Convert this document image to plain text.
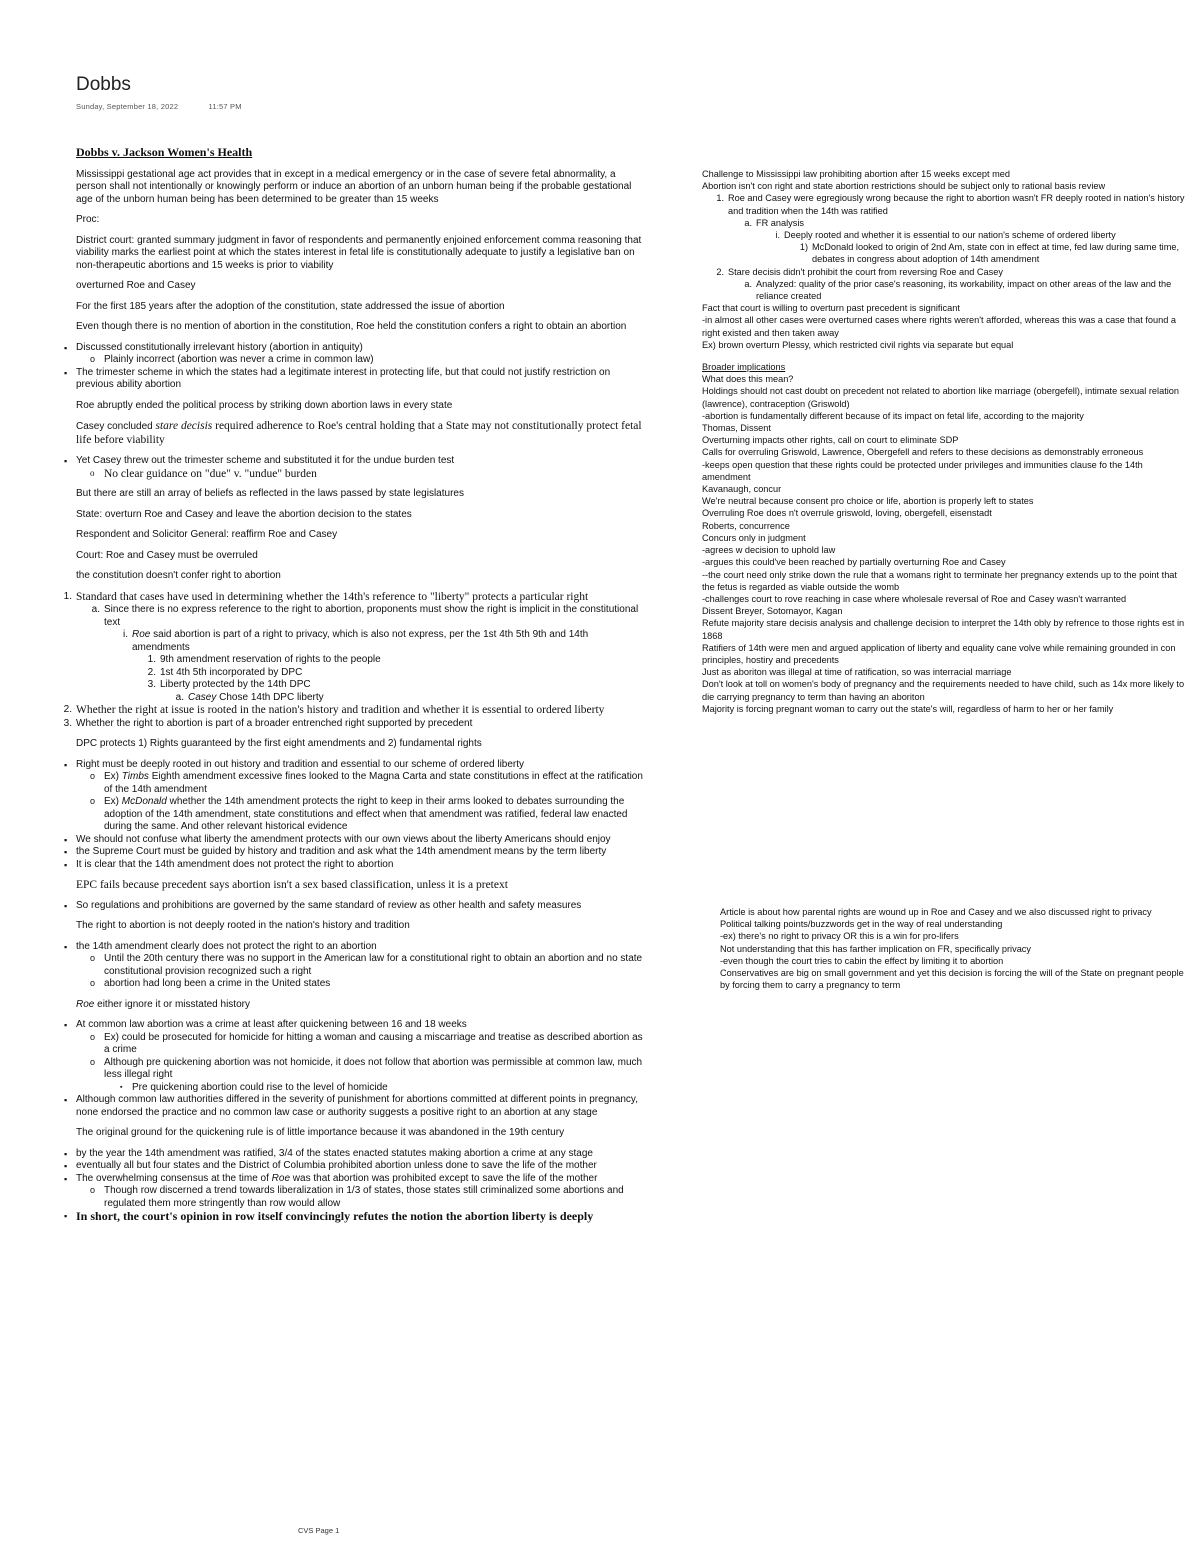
Dobbs
Sunday, September 18, 2022	11:57 PM
Dobbs v. Jackson Women's Health

Mississippi gestational age act provides that in except in a medical emergency or in the case of severe fetal abnormality, a person shall not intentionally or knowingly perform or induce an abortion of an unborn human being if the probable gestational age of the unborn human being has been determined to be greater than 15 weeks

Proc:

District court: granted summary judgment in favor of respondents and permanently enjoined enforcement comma reasoning that viability marks the earliest point at which the states interest in fetal life is constitutionally adequate to justify a legislative ban on non-therapeutic abortions and 15 weeks is prior to viability

overturned Roe and Casey

For the first 185 years after the adoption of the constitution, state addressed the issue of abortion

Even though there is no mention of abortion in the constitution, Roe held the constitution confers a right to obtain an abortion

▪ Discussed constitutionally irrelevant history (abortion in antiquity)
o Plainly incorrect (abortion was never a crime in common law)
▪ The trimester scheme in which the states had a legitimate interest in protecting life, but that could not justify restriction on previous ability abortion

Roe abruptly ended the political process by striking down abortion laws in every state

Casey concluded stare decisis required adherence to Roe's central holding that a State may not constitutionally protect fetal life before viability

▪ Yet Casey threw out the trimester scheme and substituted it for the undue burden test
o No clear guidance on "due" v. "undue" burden

But there are still an array of beliefs as reflected in the laws passed by state legislatures

State: overturn Roe and Casey and leave the abortion decision to the states

Respondent and Solicitor General: reaffirm Roe and Casey

Court: Roe and Casey must be overruled

the constitution doesn't confer right to abortion

1. Standard that cases have used in determining whether the 14th's reference to "liberty" protects a particular right
a. Since there is no express reference to the right to abortion, proponents must show the right is implicit in the constitutional text
i. Roe said abortion is part of a right to privacy, which is also not express, per the 1st 4th 5th 9th and 14th amendments
1. 9th amendment reservation of rights to the people
2. 1st 4th 5th incorporated by DPC
3. Liberty protected by the 14th DPC
a. Casey Chose 14th DPC liberty
2. Whether the right at issue is rooted in the nation's history and tradition and whether it is essential to ordered liberty
3. Whether the right to abortion is part of a broader entrenched right supported by precedent

DPC protects 1) Rights guaranteed by the first eight amendments and 2) fundamental rights

▪ Right must be deeply rooted in out history and tradition and essential to our scheme of ordered liberty
o Ex) Timbs Eighth amendment excessive fines looked to the Magna Carta and state constitutions in effect at the ratification of the 14th amendment
o Ex) McDonald whether the 14th amendment protects the right to keep in their arms looked to debates surrounding the adoption of the 14th amendment, state constitutions and effect when that amendment was ratified, federal law enacted during the same. And other relevant historical evidence
▪ We should not confuse what liberty the amendment protects with our own views about the liberty Americans should enjoy
▪ the Supreme Court must be guided by history and tradition and ask what the 14th amendment means by the term liberty
▪ It is clear that the 14th amendment does not protect the right to abortion

EPC fails because precedent says abortion isn't a sex based classification, unless it is a pretext

▪ So regulations and prohibitions are governed by the same standard of review as other health and safety measures

The right to abortion is not deeply rooted in the nation's history and tradition

▪ the 14th amendment clearly does not protect the right to an abortion
o Until the 20th century there was no support in the American law for a constitutional right to obtain an abortion and no state constitutional provision recognized such a right
o abortion had long been a crime in the United states

Roe either ignore it or misstated history

▪ At common law abortion was a crime at least after quickening between 16 and 18 weeks
o Ex) could be prosecuted for homicide for hitting a woman and causing a miscarriage and treatise as described abortion as a crime
o Although pre quickening abortion was not homicide, it does not follow that abortion was permissible at common law, much less illegal right
▪ Pre quickening abortion could rise to the level of homicide
▪ Although common law authorities differed in the severity of punishment for abortions committed at different points in pregnancy, none endorsed the practice and no common law case or authority suggests a positive right to an abortion at any stage

The original ground for the quickening rule is of little importance because it was abandoned in the 19th century

▪ by the year the 14th amendment was ratified, 3/4 of the states enacted statutes making abortion a crime at any stage
▪ eventually all but four states and the District of Columbia prohibited abortion unless done to save the life of the mother
▪ The overwhelming consensus at the time of Roe was that abortion was prohibited except to save the life of the mother
o Though row discerned a trend towards liberalization in 1/3 of states, those states still criminalized some abortions and regulated them more stringently than row would allow
▪ In short, the court's opinion in row itself convincingly refutes the notion the abortion liberty is deeply
Challenge to Mississippi law prohibiting abortion after 15 weeks except med
Abortion isn't con right and state abortion restrictions should be subject only to rational basis review
1. Roe and Casey were egregiously wrong because the right to abortion wasn't FR deeply rooted in nation's history and tradition when the 14th was ratified
a. FR analysis
i. Deeply rooted and whether it is essential to our nation's scheme of ordered liberty
1) McDonald looked to origin of 2nd Am, state con in effect at time, fed law during same time, debates in congress about adoption of 14th amendment
2. Stare decisis didn't prohibit the court from reversing Roe and Casey
a. Analyzed: quality of the prior case's reasoning, its workability, impact on other areas of the law and the reliance created
Fact that court is willing to overturn past precedent is significant
-in almost all other cases were overturned cases where rights weren't afforded, whereas this was a case that found a right existed and then taken away
Ex) brown overturn Plessy, which restricted civil rights via separate but equal
Broader implications
What does this mean?
Holdings should not cast doubt on precedent not related to abortion like marriage (obergefell), intimate sexual relation (lawrence), contraception (Griswold)
-abortion is fundamentally different because of its impact on fetal life, according to the majority
Thomas, Dissent
Overturning impacts other rights, call on court to eliminate SDP
Calls for overruling Griswold, Lawrence, Obergefell and refers to these decisions as demonstrably erroneous
-keeps open question that these rights could be protected under privileges and immunities clause fo the 14th amendment
Kavanaugh, concur
We're neutral because consent pro choice or life, abortion is properly left to states
Overruling Roe does n't overrule griswold, loving, obergefell, eisenstadt
Roberts, concurrence
Concurs only in judgment
-agrees w decision to uphold law
-argues this could've been reached by partially overturning Roe and Casey
--the court need only strike down the rule that a womans right to terminate her pregnancy extends up to the point that the fetus is regarded as viable outside the womb
-challenges court to rove reaching in case where wholesale reversal of Roe and Casey wasn't warranted
Dissent Breyer, Sotomayor, Kagan
Refute majority stare decisis analysis and challenge decision to interpret the 14th obly by refrence to those rights est in 1868
Ratifiers of 14th were men and argued application of liberty and equality cane volve while remaining grounded in con principles, hostiry and precedents
Just as aboriton was illegal at time of ratification, so was interracial marriage
Don't look at toll on women's body of pregnancy and the requirements needed to have child, such as 14x more likely to die carrying pregnancy to term than having an aboriton
Majority is forcing pregnant woman to carry out the state's will, regardless of harm to her or her family
Article is about how parental rights are wound up in Roe and Casey and we also discussed right to privacy
Political talking points/buzzwords get in the way of real understanding
-ex) there's no right to privacy OR this is a win for pro-lifers
Not understanding that this has farther implication on FR, specifically privacy
-even though the court tries to cabin the effect by limiting it to abortion
Conservatives are big on small government and yet this decision is forcing the will of the State on pregnant people by forcing them to carry a pregnancy to term
CVS Page 1
